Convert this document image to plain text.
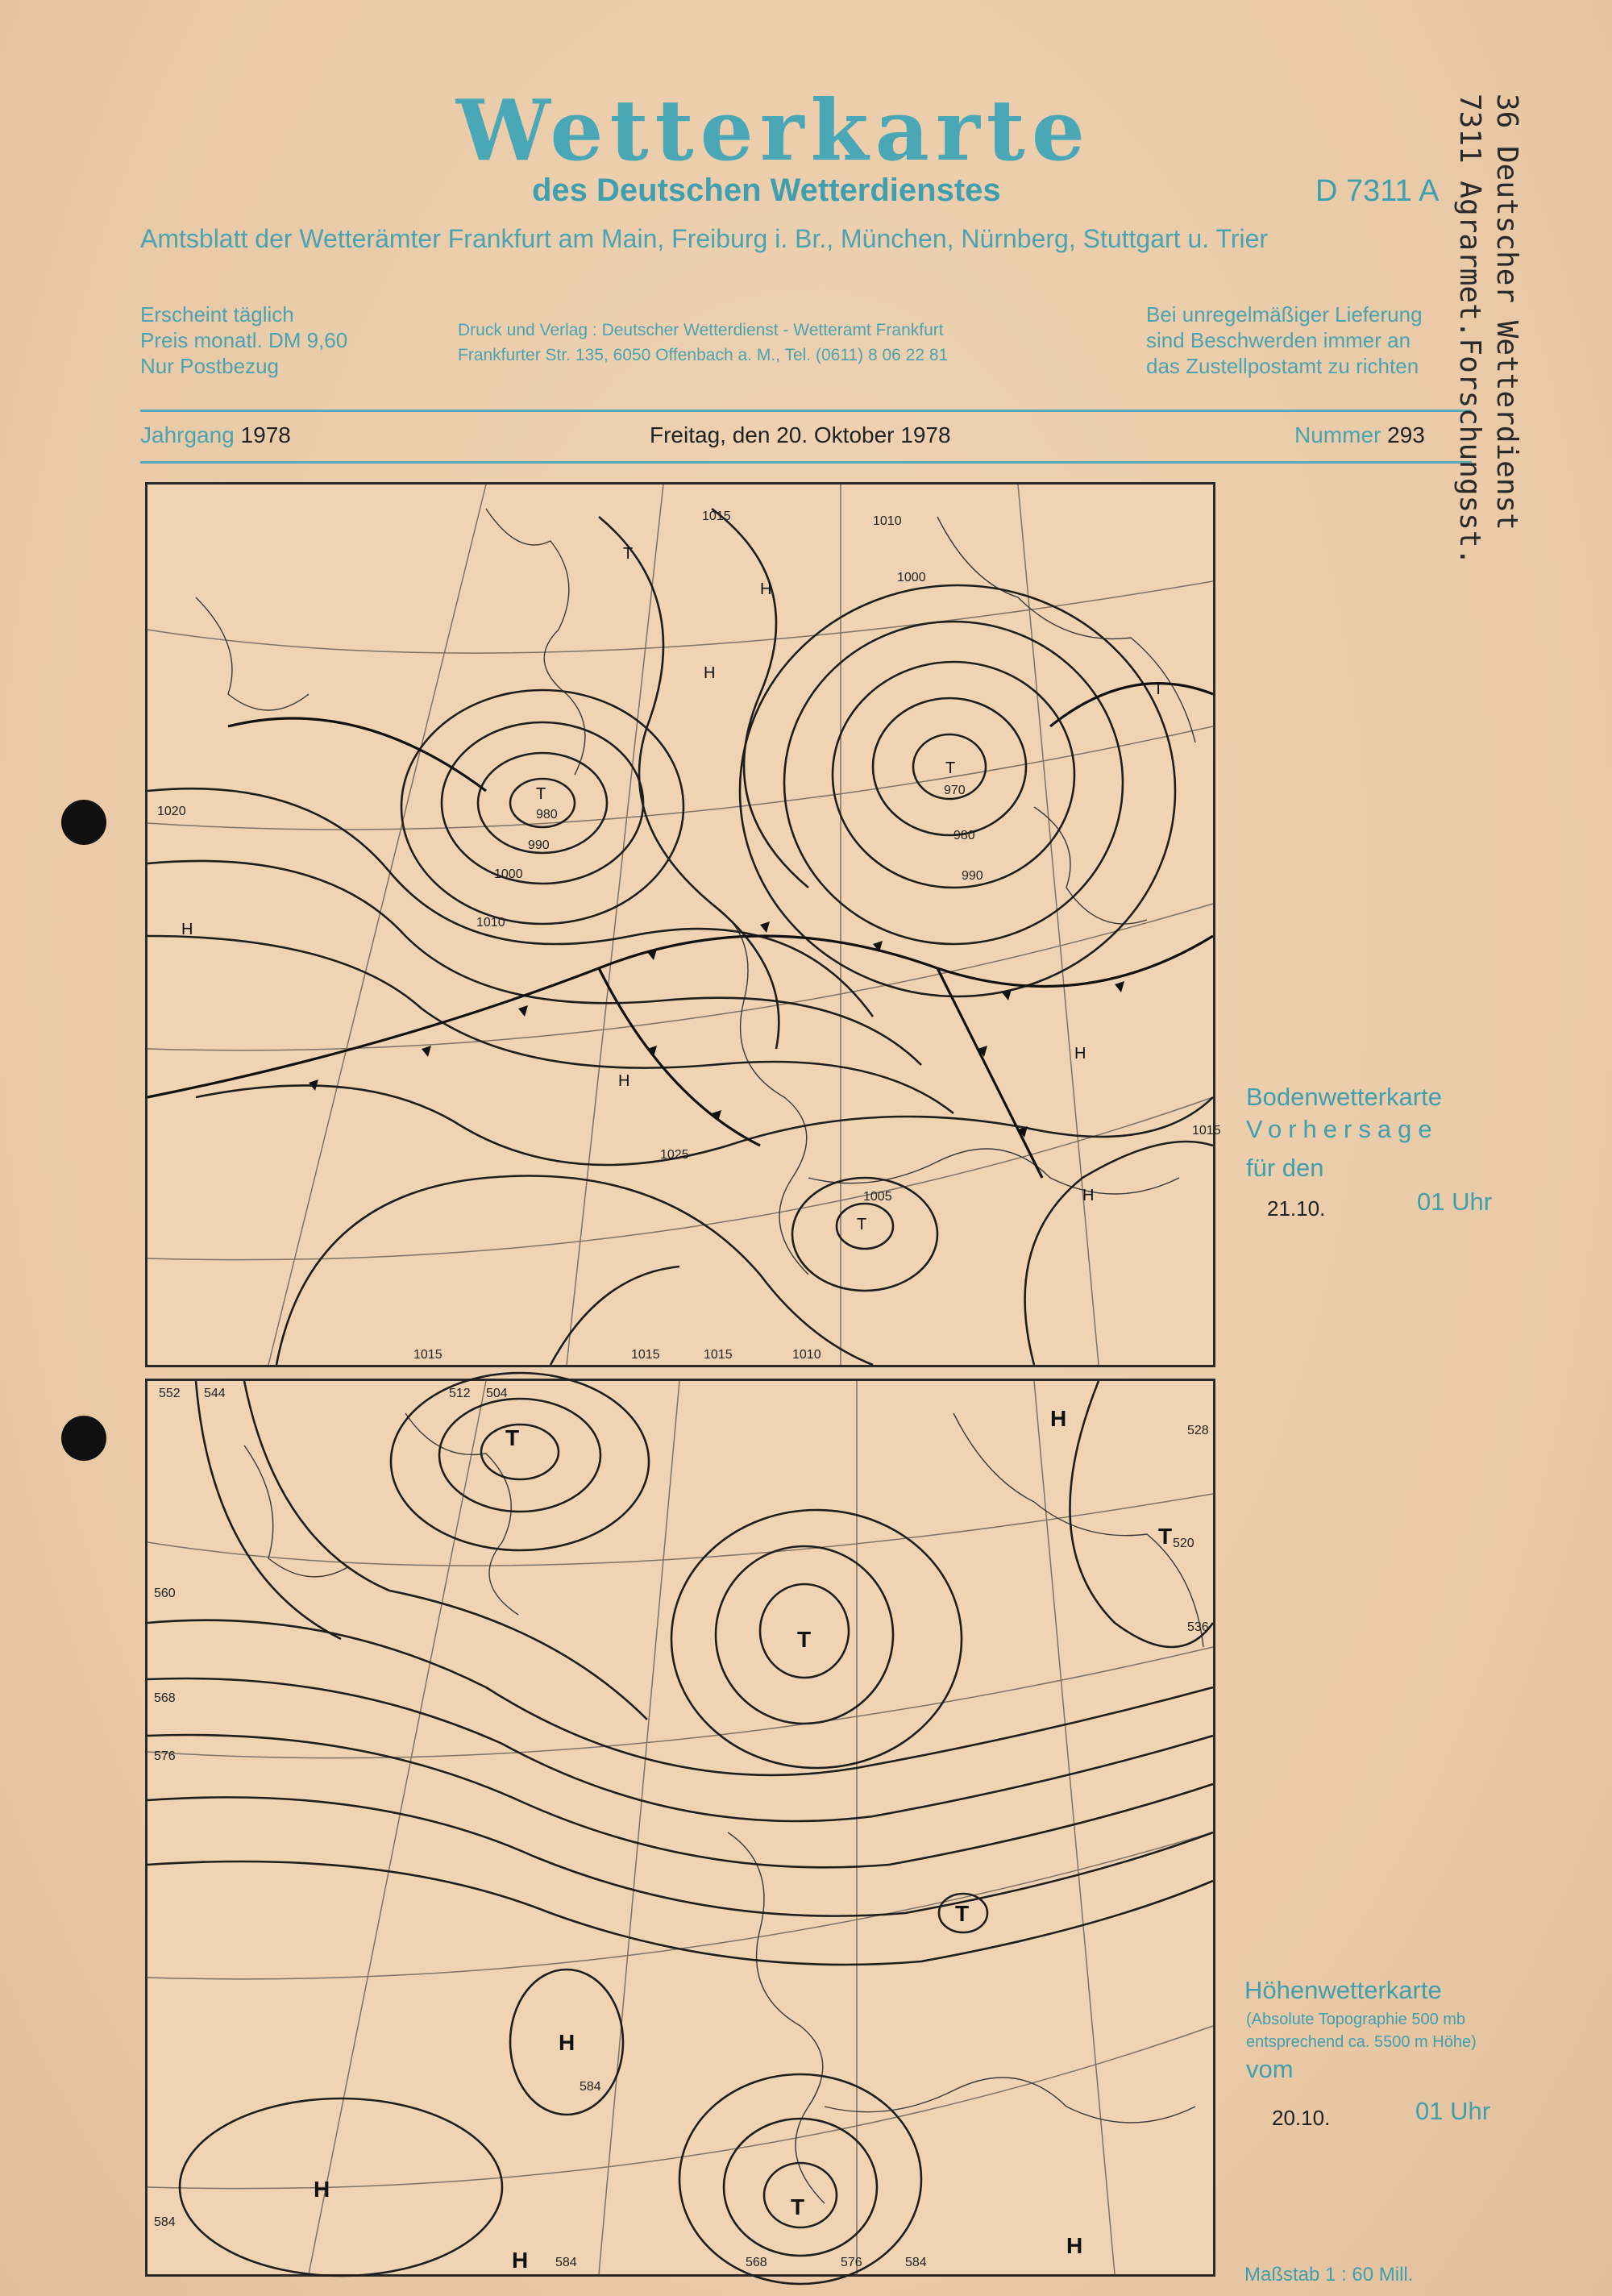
Wetterkarte
des Deutschen Wetterdienstes	D 7311 A
Amtsblatt der Wetterämter Frankfurt am Main, Freiburg i. Br., München, Nürnberg, Stuttgart u. Trier
Erscheint täglich
Preis monatl. DM 9,60
Nur Postbezug
Druck und Verlag : Deutscher Wetterdienst - Wetteramt Frankfurt
Frankfurter Str. 135, 6050 Offenbach a. M., Tel. (0611) 8 06 22 81
Bei unregelmäßiger Lieferung
sind Beschwerden immer an
das Zustellpostamt zu richten
Jahrgang 1978	Freitag, den 20. Oktober 1978	Nummer 293 36 Deutscher Wetterdienst
7311 Agrarmet.Forschungsst.
1015	1010
1000
980
990
1000
1010
1020
970
980
990
1015
1025
1005
1015	1015	1015	1010
H
H
H
H
H
H
T
T
T
T
T
552 544
528
512 504
536
560
568
576
584
584	584
520
584
568	576
T
T
T
T
T
H
H
H
H
H
Bodenwetterkarte
Vorhersage
für den
21.10.	01 Uhr
Höhenwetterkarte
(Absolute Topographie 500 mb
entsprechend ca. 5500 m Höhe)
vom
20.10.	01 Uhr
Maßstab 1 : 60 Mill.
